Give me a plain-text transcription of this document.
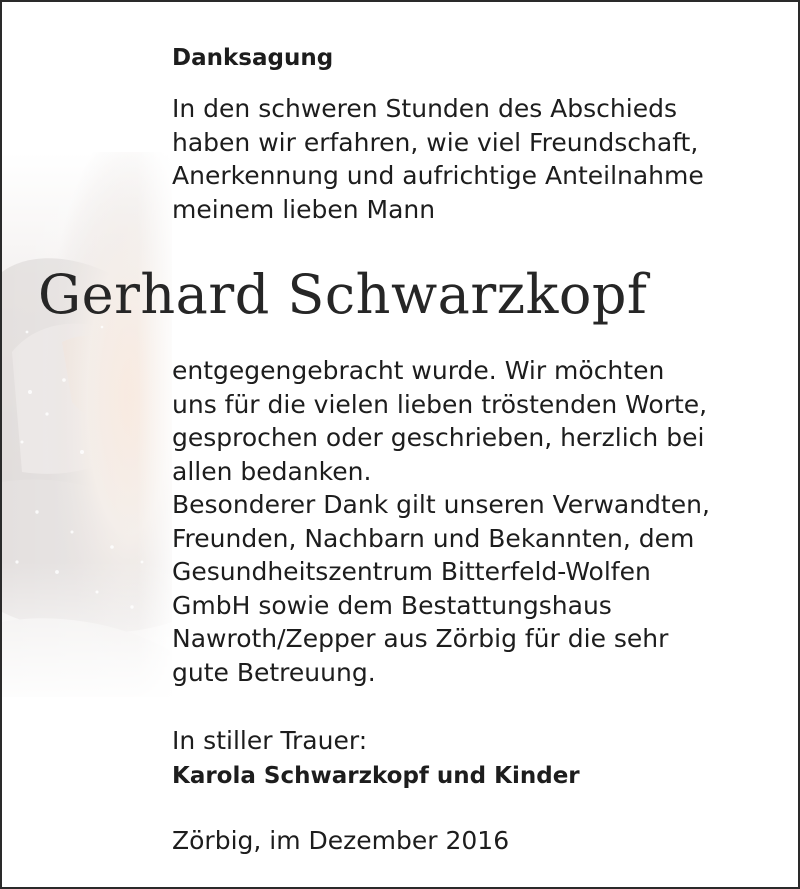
Danksagung
In den schweren Stunden des Abschieds
haben wir erfahren, wie viel Freundschaft,
Anerkennung und aufrichtige Anteilnahme
meinem lieben Mann
Gerhard Schwarzkopf
entgegengebracht wurde. Wir möchten
uns für die vielen lieben tröstenden Worte,
gesprochen oder geschrieben, herzlich bei
allen bedanken.
Besonderer Dank gilt unseren Verwandten,
Freunden, Nachbarn und Bekannten, dem
Gesundheitszentrum Bitterfeld-Wolfen
GmbH sowie dem Bestattungshaus
Nawroth/Zepper aus Zörbig für die sehr
gute Betreuung.
In stiller Trauer:
Karola Schwarzkopf und Kinder
Zörbig, im Dezember 2016
